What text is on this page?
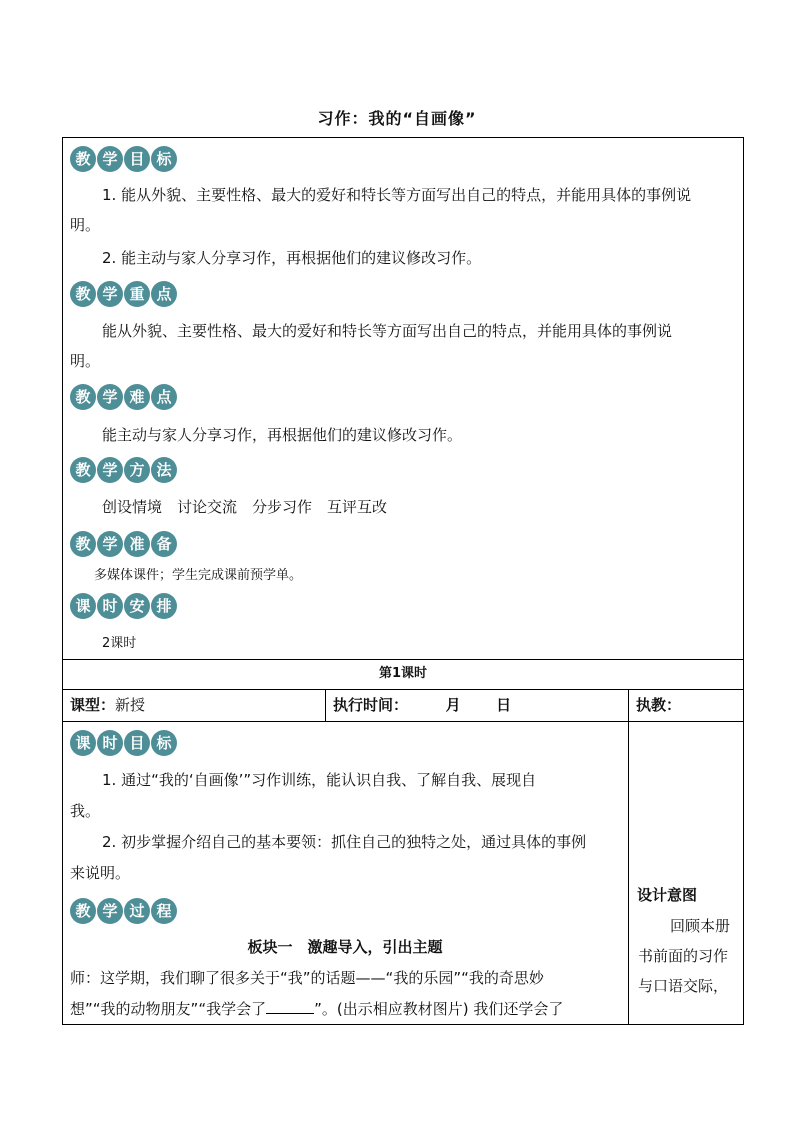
习作：我的“自画像”
教 学 目 标
1. 能从外貌、主要性格、最大的爱好和特长等方面写出自己的特点，并能用具体的事例说
明。
2. 能主动与家人分享习作，再根据他们的建议修改习作。
教 学 重 点
能从外貌、主要性格、最大的爱好和特长等方面写出自己的特点，并能用具体的事例说
明。
教 学 难 点
能主动与家人分享习作，再根据他们的建议修改习作。
教 学 方 法
创设情境　讨论交流　分步习作　互评互改
教 学 准 备
多媒体课件；学生完成课前预学单。
课 时 安 排
2课时
第1课时
课型：新授	执行时间：	月 日	执教：
课 时 目 标
1. 通过“我的‘自画像’”习作训练，能认识自我、了解自我、展现自
我。
2. 初步掌握介绍自己的基本要领：抓住自己的独特之处，通过具体的事例
来说明。
教 学 过 程
板块一　激趣导入，引出主题
师：这学期，我们聊了很多关于“我”的话题——“我的乐园”“我的奇思妙
想”“我的动物朋友”“我学会了	”。(出示相应教材图片) 我们还学会了
设计意图
回顾本册
书前面的习作
与口语交际，
